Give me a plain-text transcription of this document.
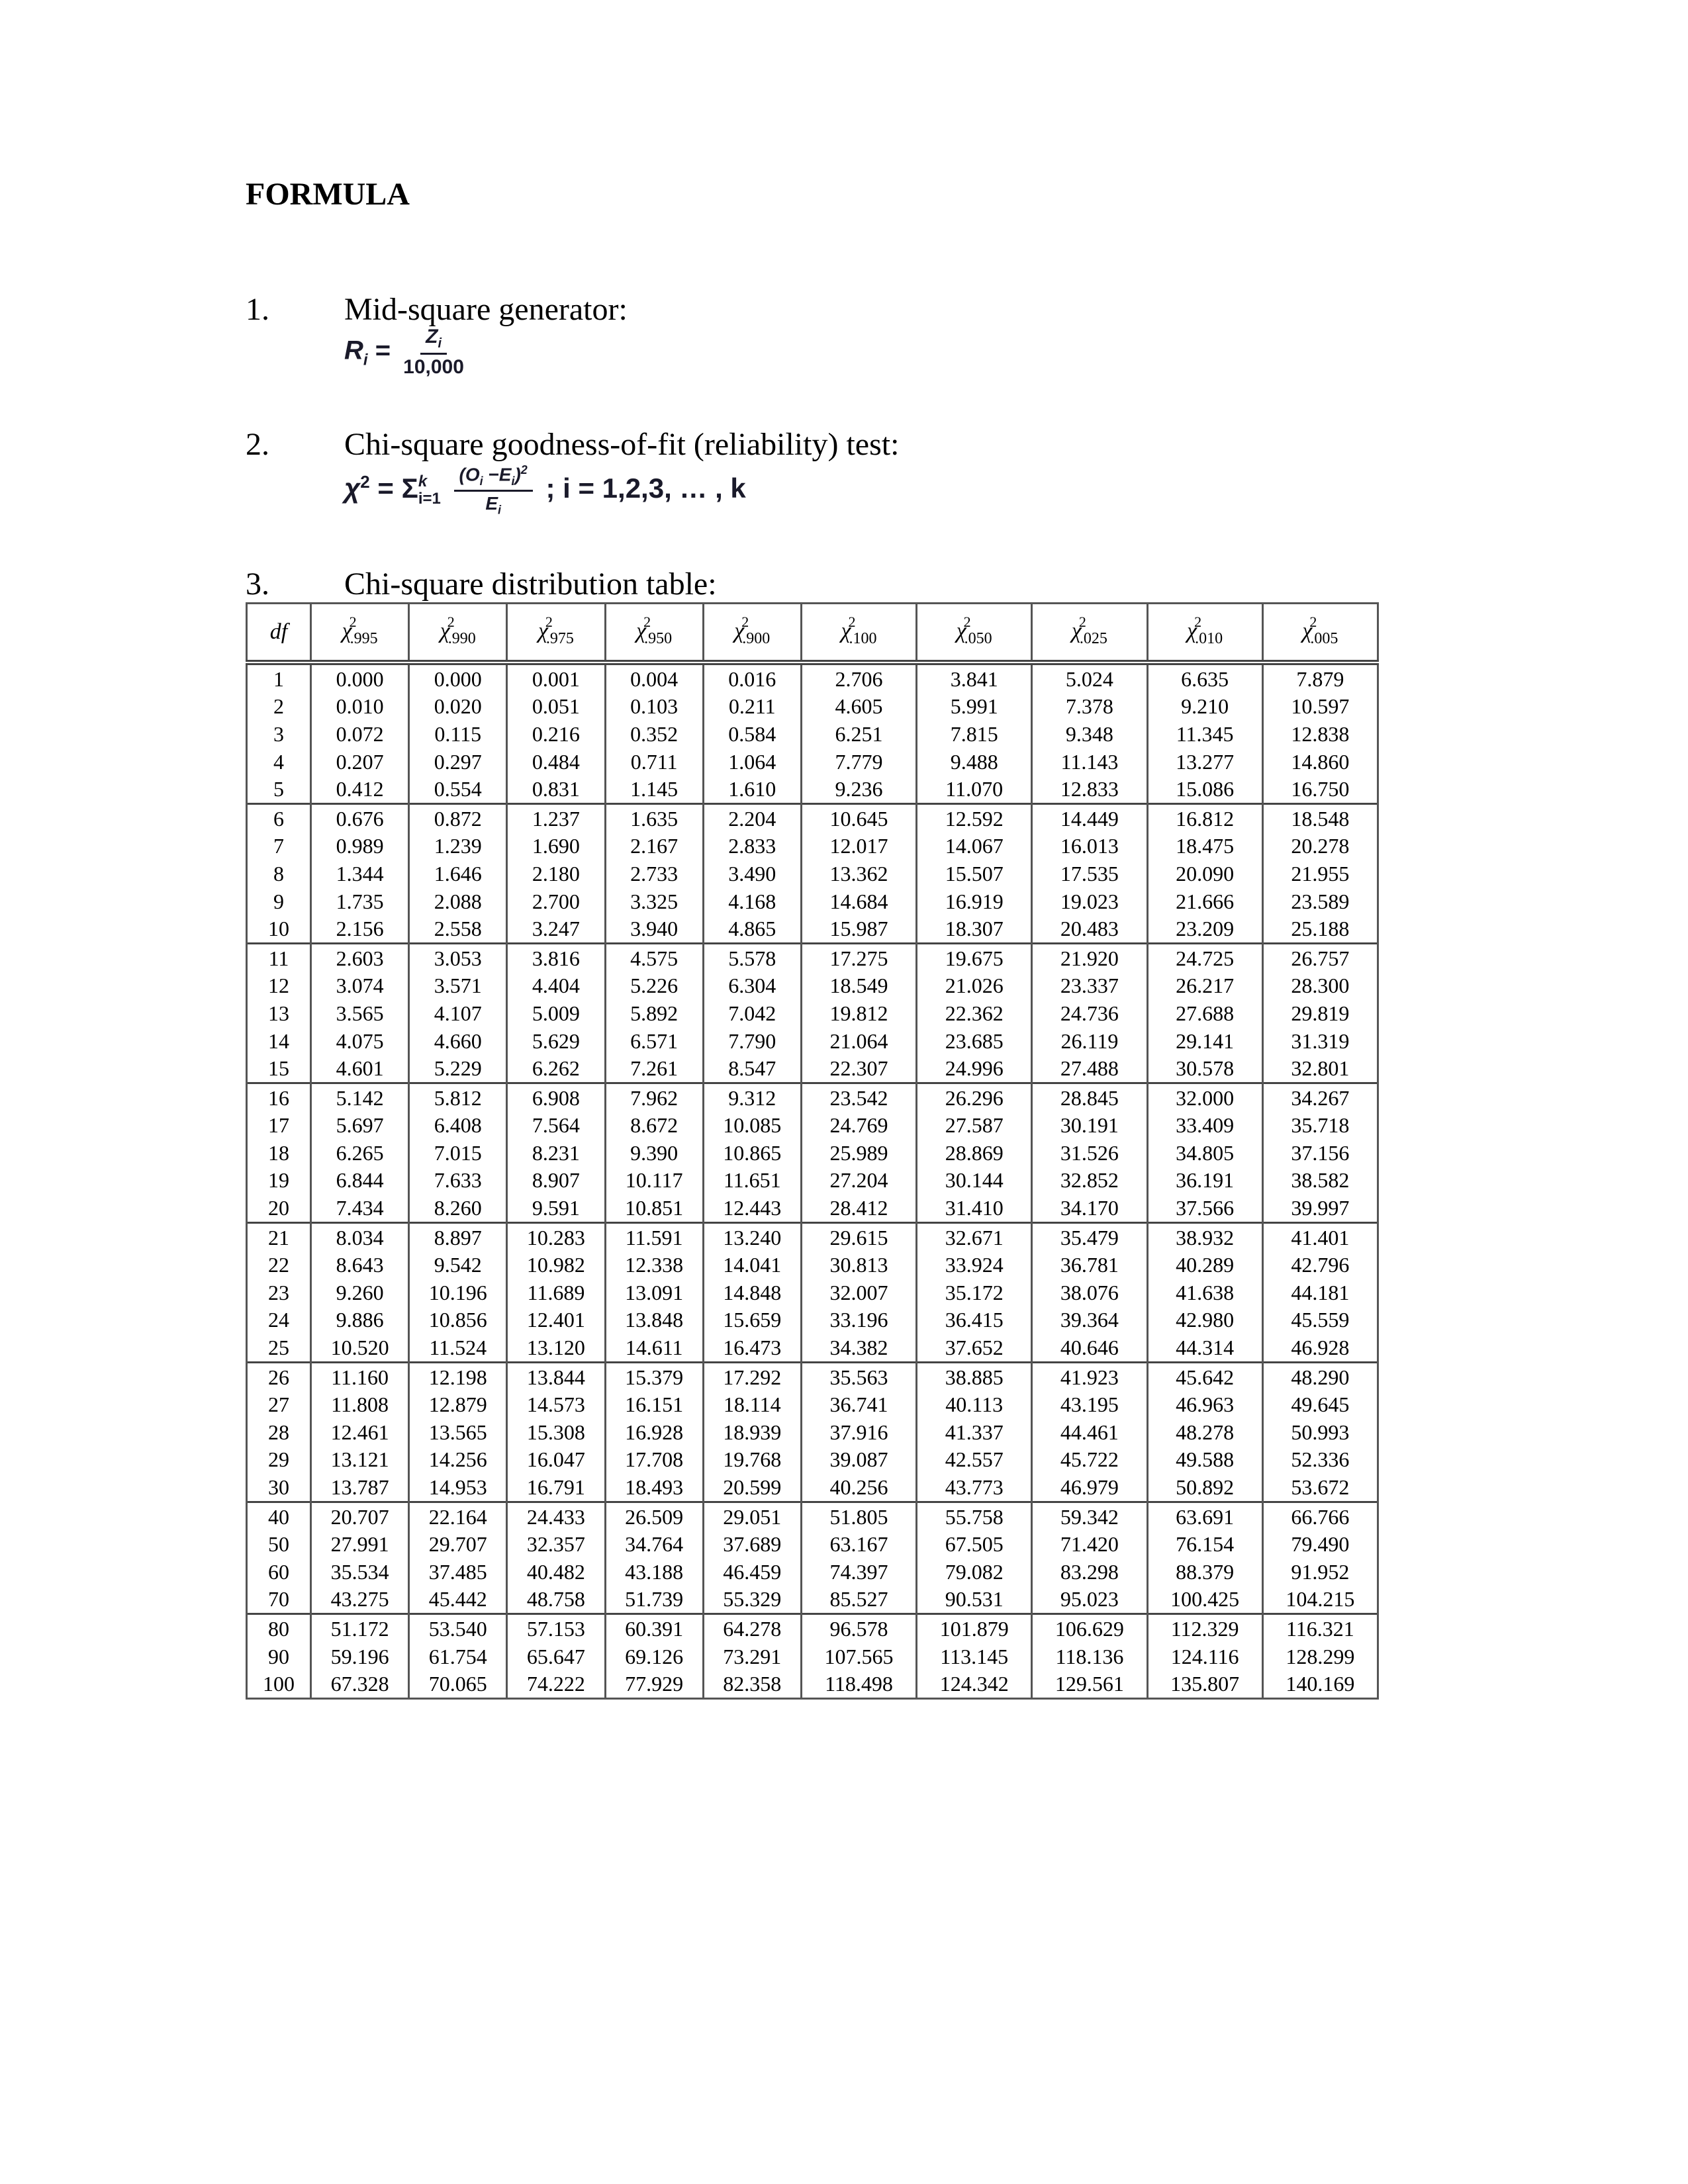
FORMULA
1. Mid-square generator:
$R_i = \frac{Z_i}{10,000}$
2. Chi-square goodness-of-fit (reliability) test:
$\chi^2 = \Sigma$ k
i=1
$\frac{(O_i -E_i)^2}{E_i}$ ; i = 1,2,3, … , k
3. Chi-square distribution table:
df	$\chi^2_{.995}$	$\chi^2_{.990}$	$\chi^2_{.975}$	$\chi^2_{.950}$	$\chi^2_{.900}$	$\chi^2_{.100}$	$\chi^2_{.050}$	$\chi^2_{.025}$	$\chi^2_{.010}$	$\chi^2_{.005}$
1	0.000	0.000	0.001	0.004	0.016	2.706	3.841	5.024	6.635	7.879
2	0.010	0.020	0.051	0.103	0.211	4.605	5.991	7.378	9.210	10.597
3	0.072	0.115	0.216	0.352	0.584	6.251	7.815	9.348	11.345	12.838
4	0.207	0.297	0.484	0.711	1.064	7.779	9.488	11.143	13.277	14.860
5	0.412	0.554	0.831	1.145	1.610	9.236	11.070	12.833	15.086	16.750
6	0.676	0.872	1.237	1.635	2.204	10.645	12.592	14.449	16.812	18.548
7	0.989	1.239	1.690	2.167	2.833	12.017	14.067	16.013	18.475	20.278
8	1.344	1.646	2.180	2.733	3.490	13.362	15.507	17.535	20.090	21.955
9	1.735	2.088	2.700	3.325	4.168	14.684	16.919	19.023	21.666	23.589
10	2.156	2.558	3.247	3.940	4.865	15.987	18.307	20.483	23.209	25.188
11	2.603	3.053	3.816	4.575	5.578	17.275	19.675	21.920	24.725	26.757
12	3.074	3.571	4.404	5.226	6.304	18.549	21.026	23.337	26.217	28.300
13	3.565	4.107	5.009	5.892	7.042	19.812	22.362	24.736	27.688	29.819
14	4.075	4.660	5.629	6.571	7.790	21.064	23.685	26.119	29.141	31.319
15	4.601	5.229	6.262	7.261	8.547	22.307	24.996	27.488	30.578	32.801
16	5.142	5.812	6.908	7.962	9.312	23.542	26.296	28.845	32.000	34.267
17	5.697	6.408	7.564	8.672	10.085	24.769	27.587	30.191	33.409	35.718
18	6.265	7.015	8.231	9.390	10.865	25.989	28.869	31.526	34.805	37.156
19	6.844	7.633	8.907	10.117	11.651	27.204	30.144	32.852	36.191	38.582
20	7.434	8.260	9.591	10.851	12.443	28.412	31.410	34.170	37.566	39.997
21	8.034	8.897	10.283	11.591	13.240	29.615	32.671	35.479	38.932	41.401
22	8.643	9.542	10.982	12.338	14.041	30.813	33.924	36.781	40.289	42.796
23	9.260	10.196	11.689	13.091	14.848	32.007	35.172	38.076	41.638	44.181
24	9.886	10.856	12.401	13.848	15.659	33.196	36.415	39.364	42.980	45.559
25	10.520	11.524	13.120	14.611	16.473	34.382	37.652	40.646	44.314	46.928
26	11.160	12.198	13.844	15.379	17.292	35.563	38.885	41.923	45.642	48.290
27	11.808	12.879	14.573	16.151	18.114	36.741	40.113	43.195	46.963	49.645
28	12.461	13.565	15.308	16.928	18.939	37.916	41.337	44.461	48.278	50.993
29	13.121	14.256	16.047	17.708	19.768	39.087	42.557	45.722	49.588	52.336
30	13.787	14.953	16.791	18.493	20.599	40.256	43.773	46.979	50.892	53.672
40	20.707	22.164	24.433	26.509	29.051	51.805	55.758	59.342	63.691	66.766
50	27.991	29.707	32.357	34.764	37.689	63.167	67.505	71.420	76.154	79.490
60	35.534	37.485	40.482	43.188	46.459	74.397	79.082	83.298	88.379	91.952
70	43.275	45.442	48.758	51.739	55.329	85.527	90.531	95.023	100.425	104.215
80	51.172	53.540	57.153	60.391	64.278	96.578	101.879	106.629	112.329	116.321
90	59.196	61.754	65.647	69.126	73.291	107.565	113.145	118.136	124.116	128.299
100	67.328	70.065	74.222	77.929	82.358	118.498	124.342	129.561	135.807	140.169
